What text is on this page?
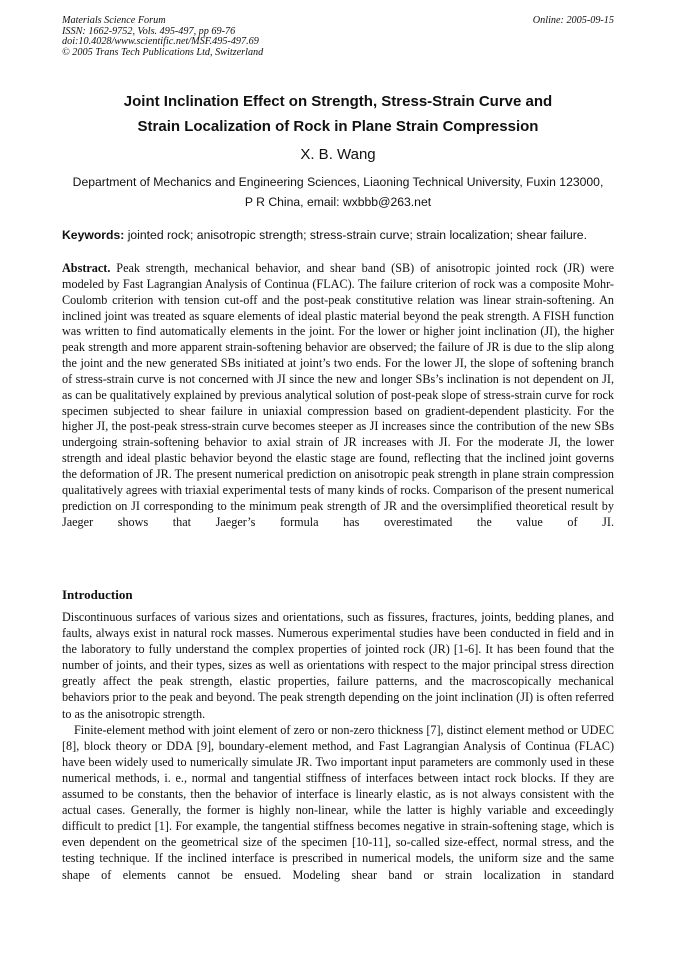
Materials Science Forum
ISSN: 1662-9752, Vols. 495-497, pp 69-76
doi:10.4028/www.scientific.net/MSF.495-497.69
© 2005 Trans Tech Publications Ltd, Switzerland
Online: 2005-09-15
Joint Inclination Effect on Strength, Stress-Strain Curve and
Strain Localization of Rock in Plane Strain Compression
X. B. Wang
Department of Mechanics and Engineering Sciences, Liaoning Technical University, Fuxin 123000,
P R China, email: wxbbb@263.net
Keywords: jointed rock; anisotropic strength; stress-strain curve; strain localization; shear failure.
Abstract. Peak strength, mechanical behavior, and shear band (SB) of anisotropic jointed rock (JR) were modeled by Fast Lagrangian Analysis of Continua (FLAC). The failure criterion of rock was a composite Mohr-Coulomb criterion with tension cut-off and the post-peak constitutive relation was linear strain-softening. An inclined joint was treated as square elements of ideal plastic material beyond the peak strength. A FISH function was written to find automatically elements in the joint. For the lower or higher joint inclination (JI), the higher peak strength and more apparent strain-softening behavior are observed; the failure of JR is due to the slip along the joint and the new generated SBs initiated at joint’s two ends. For the lower JI, the slope of softening branch of stress-strain curve is not concerned with JI since the new and longer SBs’s inclination is not dependent on JI, as can be qualitatively explained by previous analytical solution of post-peak slope of stress-strain curve for rock specimen subjected to shear failure in uniaxial compression based on gradient-dependent plasticity. For the higher JI, the post-peak stress-strain curve becomes steeper as JI increases since the contribution of the new SBs undergoing strain-softening behavior to axial strain of JR increases with JI. For the moderate JI, the lower strength and ideal plastic behavior beyond the elastic stage are found, reflecting that the inclined joint governs the deformation of JR. The present numerical prediction on anisotropic peak strength in plane strain compression qualitatively agrees with triaxial experimental tests of many kinds of rocks. Comparison of the present numerical prediction on JI corresponding to the minimum peak strength of JR and the oversimplified theoretical result by Jaeger shows that Jaeger’s formula has overestimated the value of JI.
Introduction

Discontinuous surfaces of various sizes and orientations, such as fissures, fractures, joints, bedding planes, and faults, always exist in natural rock masses. Numerous experimental studies have been conducted in field and in the laboratory to fully understand the complex properties of jointed rock (JR) [1-6]. It has been found that the number of joints, and their types, sizes as well as orientations with respect to the major principal stress direction greatly affect the peak strength, elastic properties, failure patterns, and the macroscopically mechanical behaviors prior to the peak and beyond. The peak strength depending on the joint inclination (JI) is often referred to as the anisotropic strength.

Finite-element method with joint element of zero or non-zero thickness [7], distinct element method or UDEC [8], block theory or DDA [9], boundary-element method, and Fast Lagrangian Analysis of Continua (FLAC) have been widely used to numerically simulate JR. Two important input parameters are commonly used in these numerical methods, i. e., normal and tangential stiffness of interfaces between intact rock blocks. If they are assumed to be constants, then the behavior of interface is linearly elastic, as is not always consistent with the actual cases. Generally, the former is highly non-linear, while the latter is highly variable and exceedingly difficult to predict [1]. For example, the tangential stiffness becomes negative in strain-softening stage, which is even dependent on the geometrical size of the specimen [10-11], so-called size-effect, normal stress, and the testing technique. If the inclined interface is prescribed in numerical models, the uniform size and the same shape of elements cannot be ensued. Modeling shear band or strain localization in standard
